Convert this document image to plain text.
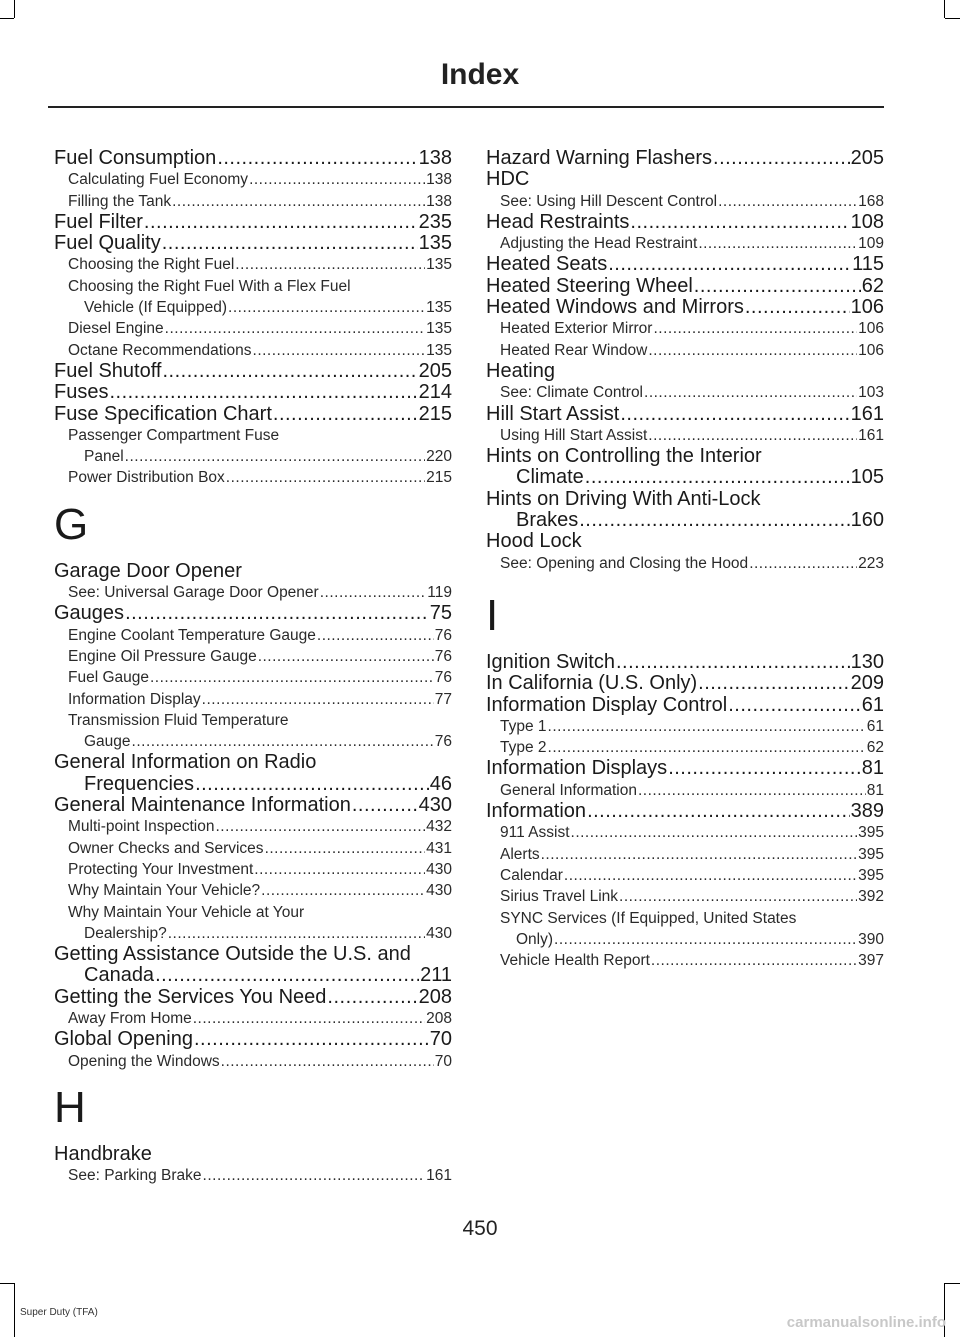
Index
Fuel Consumption .....	138
Calculating Fuel Economy .....	138
Filling the Tank .....	138
Fuel Filter .....	235
Fuel Quality .....	135
Choosing the Right Fuel .....	135
Choosing the Right Fuel With a Flex Fuel
Vehicle (If Equipped) .....	135
Diesel Engine .....	135
Octane Recommendations .....	135
Fuel Shutoff .....	205
Fuses .....	214
Fuse Specification Chart .....	215
Passenger Compartment Fuse
Panel .....	220
Power Distribution Box .....	215
G
Garage Door Opener
See: Universal Garage Door Opener .....	119
Gauges .....	75
Engine Coolant Temperature Gauge .....	76
Engine Oil Pressure Gauge .....	76
Fuel Gauge .....	76
Information Display .....	77
Transmission Fluid Temperature
Gauge .....	76
General Information on Radio
Frequencies .....	46
General Maintenance Information .....	430
Multi-point Inspection .....	432
Owner Checks and Services .....	431
Protecting Your Investment .....	430
Why Maintain Your Vehicle? .....	430
Why Maintain Your Vehicle at Your
Dealership? .....	430
Getting Assistance Outside the U.S. and
Canada .....	211
Getting the Services You Need .....	208
Away From Home .....	208
Global Opening .....	70
Opening the Windows .....	70
H
Handbrake
See: Parking Brake .....	161
Hazard Warning Flashers .....	205
HDC
See: Using Hill Descent Control .....	168
Head Restraints .....	108
Adjusting the Head Restraint .....	109
Heated Seats .....	115
Heated Steering Wheel .....	62
Heated Windows and Mirrors .....	106
Heated Exterior Mirror .....	106
Heated Rear Window .....	106
Heating
See: Climate Control .....	103
Hill Start Assist .....	161
Using Hill Start Assist .....	161
Hints on Controlling the Interior
Climate .....	105
Hints on Driving With Anti-Lock
Brakes .....	160
Hood Lock
See: Opening and Closing the Hood .....	223
I
Ignition Switch .....	130
In California (U.S. Only) .....	209
Information Display Control .....	61
Type 1 .....	61
Type 2 .....	62
Information Displays .....	81
General Information .....	81
Information .....	389
911 Assist .....	395
Alerts .....	395
Calendar .....	395
Sirius Travel Link .....	392
SYNC Services (If Equipped, United States
Only) .....	390
Vehicle Health Report .....	397
450
Super Duty (TFA)
carmanualsonline.info
